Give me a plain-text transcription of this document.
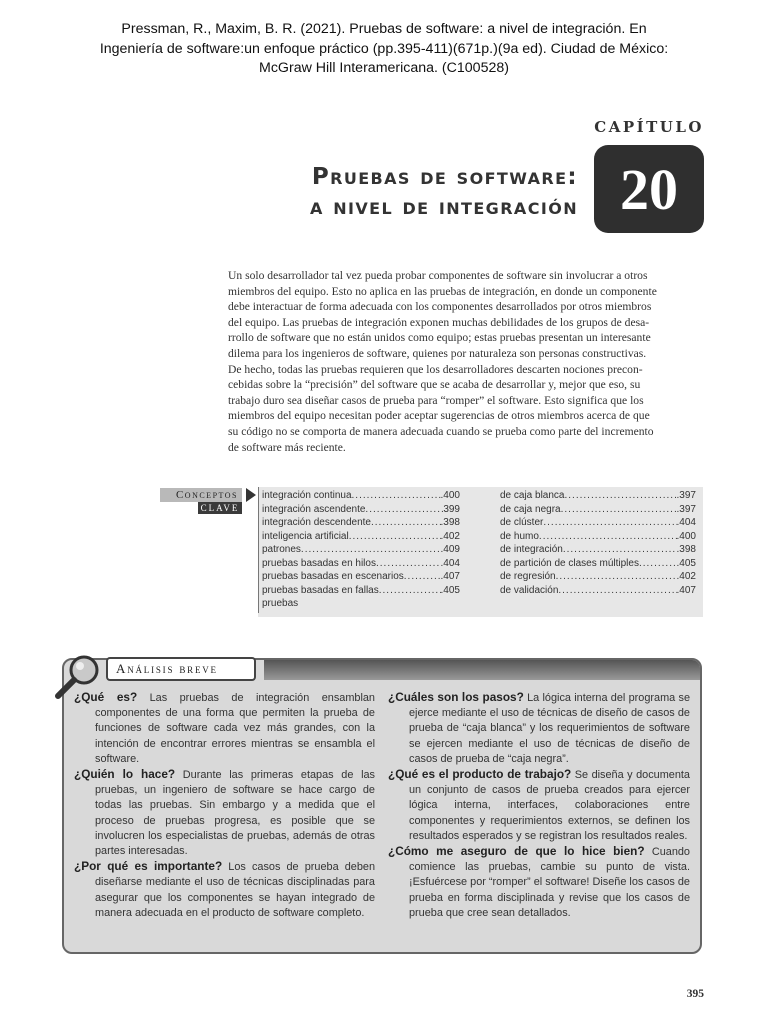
Pressman, R., Maxim, B. R. (2021). Pruebas de software: a nivel de integración. En
Ingeniería de software:un enfoque práctico (pp.395-411)(671p.)(9a ed). Ciudad de México:
McGraw Hill Interamericana. (C100528)
CAPÍTULO
20
Pruebas de software:
a nivel de integración
Un solo desarrollador tal vez pueda probar componentes de software sin involucrar a otros
miembros del equipo. Esto no aplica en las pruebas de integración, en donde un componente
debe interactuar de forma adecuada con los componentes desarrollados por otros miembros
del equipo. Las pruebas de integración exponen muchas debilidades de los grupos de desa-
rrollo de software que no están unidos como equipo; estas pruebas presentan un interesante
dilema para los ingenieros de software, quienes por naturaleza son personas constructivas.
De hecho, todas las pruebas requieren que los desarrolladores descarten nociones precon-
cebidas sobre la “precisión” del software que se acaba de desarrollar y, mejor que eso, su
trabajo duro sea diseñar casos de prueba para “romper” el software. Esto significa que los
miembros del equipo necesitan poder aceptar sugerencias de otros miembros acerca de que
su código no se comporta de manera adecuada cuando se prueba como parte del incremento
de software más reciente.
Conceptos
CLAVE
integración continua .....	.400
integración ascendente .....	399
integración descendente .....	.398
inteligencia artificial .....	.402
patrones .....	.409
pruebas basadas en hilos .....	.404
pruebas basadas en escenarios .....	.407
pruebas basadas en fallas .....	.405
pruebas
de caja blanca .....	.397
de caja negra .....	.397
de clúster .....	.404
de humo .....	.400
de integración .....	.398
de partición de clases múltiples .....	.405
de regresión .....	.402
de validación .....	.407
Análisis breve

¿Qué es? Las pruebas de integración ensamblan componentes de una forma que permiten la prueba de funciones de software cada vez más grandes, con la intención de encontrar errores mientras se ensambla el software.

¿Quién lo hace? Durante las primeras etapas de las pruebas, un ingeniero de software se hace cargo de todas las pruebas. Sin embargo y a medida que el proceso de pruebas progresa, es posible que se involucren los especialistas de pruebas, además de otras partes interesadas.

¿Por qué es importante? Los casos de prueba deben diseñarse mediante el uso de técnicas disciplinadas para asegurar que los componentes se hayan integrado de manera adecuada en el producto de software completo.

¿Cuáles son los pasos? La lógica interna del programa se ejerce mediante el uso de técnicas de diseño de casos de prueba de “caja blanca” y los requerimientos de software se ejercen mediante el uso de técnicas de diseño de casos de prueba de “caja negra”.

¿Qué es el producto de trabajo? Se diseña y documenta un conjunto de casos de prueba creados para ejercer lógica interna, interfaces, colaboraciones entre componentes y requerimientos externos, se definen los resultados esperados y se registran los resultados reales.

¿Cómo me aseguro de que lo hice bien? Cuando comience las pruebas, cambie su punto de vista. ¡Esfuércese por “romper” el software! Diseñe los casos de prueba en forma disciplinada y revise que los casos de prueba que cree sean detallados.

395
